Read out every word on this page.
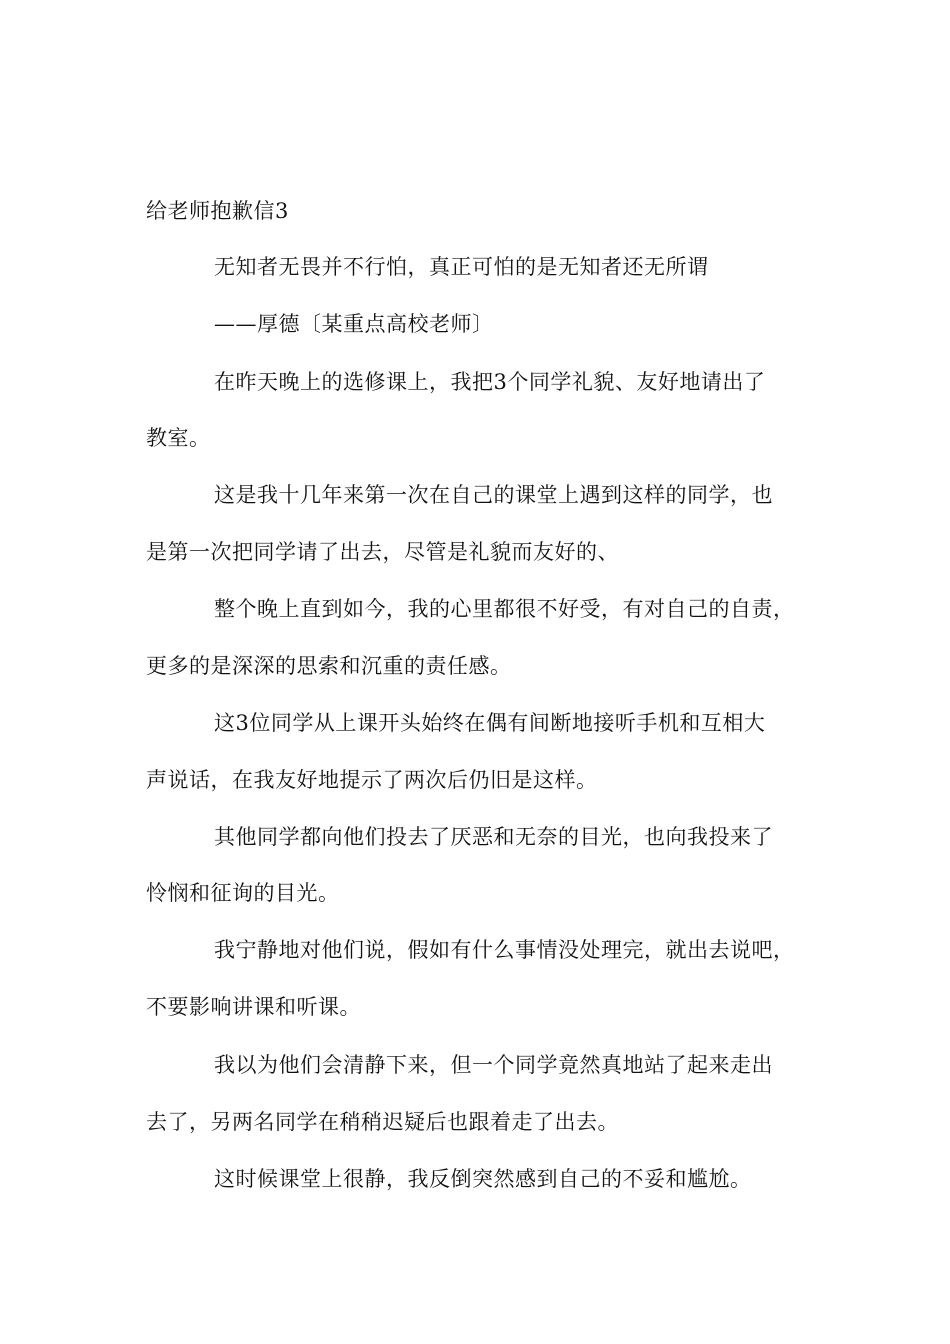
给老师抱歉信3
无知者无畏并不行怕，真正可怕的是无知者还无所谓
——厚德〔某重点高校老师〕
在昨天晚上的选修课上，我把3个同学礼貌、友好地请出了
教室。
这是我十几年来第一次在自己的课堂上遇到这样的同学，也
是第一次把同学请了出去，尽管是礼貌而友好的、
整个晚上直到如今，我的心里都很不好受，有对自己的自责，
更多的是深深的思索和沉重的责任感。
这3位同学从上课开头始终在偶有间断地接听手机和互相大
声说话，在我友好地提示了两次后仍旧是这样。
其他同学都向他们投去了厌恶和无奈的目光，也向我投来了
怜悯和征询的目光。
我宁静地对他们说，假如有什么事情没处理完，就出去说吧，
不要影响讲课和听课。
我以为他们会清静下来，但一个同学竟然真地站了起来走出
去了，另两名同学在稍稍迟疑后也跟着走了出去。
这时候课堂上很静，我反倒突然感到自己的不妥和尴尬。
